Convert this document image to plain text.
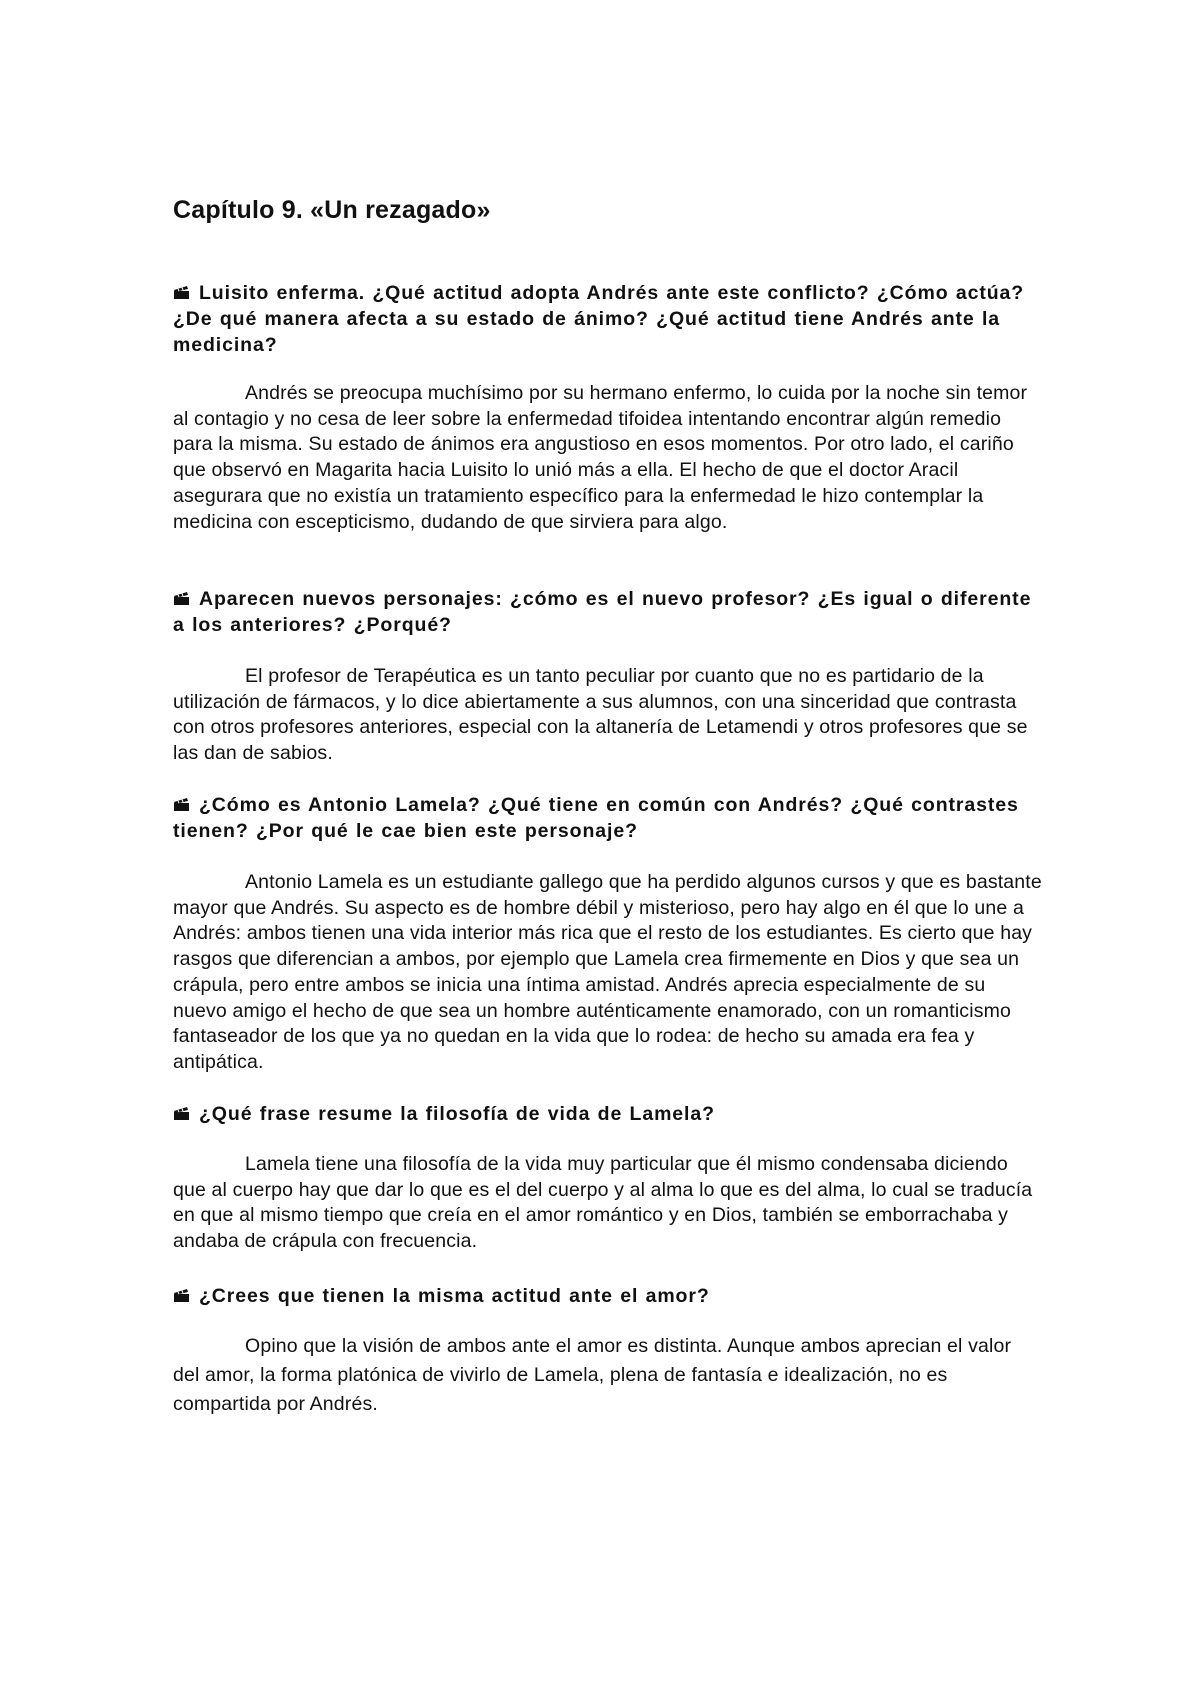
Capítulo 9. «Un rezagado»

Luisito enferma. ¿Qué actitud adopta Andrés ante este conflicto? ¿Cómo actúa? ¿De qué manera afecta a su estado de ánimo? ¿Qué actitud tiene Andrés ante la medicina?

Andrés se preocupa muchísimo por su hermano enfermo, lo cuida por la noche sin temor al contagio y no cesa de leer sobre la enfermedad tifoidea intentando encontrar algún remedio para la misma. Su estado de ánimos era angustioso en esos momentos. Por otro lado, el cariño que observó en Magarita hacia Luisito lo unió más a ella. El hecho de que el doctor Aracil asegurara que no existía un tratamiento específico para la enfermedad le hizo contemplar la medicina con escepticismo, dudando de que sirviera para algo.

Aparecen nuevos personajes: ¿cómo es el nuevo profesor? ¿Es igual o diferente a los anteriores? ¿Porqué?

El profesor de Terapéutica es un tanto peculiar por cuanto que no es partidario de la utilización de fármacos, y lo dice abiertamente a sus alumnos, con una sinceridad que contrasta con otros profesores anteriores, especial con la altanería de Letamendi y otros profesores que se las dan de sabios.

¿Cómo es Antonio Lamela? ¿Qué tiene en común con Andrés? ¿Qué contrastes tienen? ¿Por qué le cae bien este personaje?

Antonio Lamela es un estudiante gallego que ha perdido algunos cursos y que es bastante mayor que Andrés. Su aspecto es de hombre débil y misterioso, pero hay algo en él que lo une a Andrés: ambos tienen una vida interior más rica que el resto de los estudiantes. Es cierto que hay rasgos que diferencian a ambos, por ejemplo que Lamela crea firmemente en Dios y que sea un crápula, pero entre ambos se inicia una íntima amistad. Andrés aprecia especialmente de su nuevo amigo el hecho de que sea un hombre auténticamente enamorado, con un romanticismo fantaseador de los que ya no quedan en la vida que lo rodea: de hecho su amada era fea y antipática.

¿Qué frase resume la filosofía de vida de Lamela?

Lamela tiene una filosofía de la vida muy particular que él mismo condensaba diciendo que al cuerpo hay que dar lo que es el del cuerpo y al alma lo que es del alma, lo cual se traducía en que al mismo tiempo que creía en el amor romántico y en Dios, también se emborrachaba y andaba de crápula con frecuencia.

¿Crees que tienen la misma actitud ante el amor?

Opino que la visión de ambos ante el amor es distinta. Aunque ambos aprecian el valor del amor, la forma platónica de vivirlo de Lamela, plena de fantasía e idealización, no es compartida por Andrés.
